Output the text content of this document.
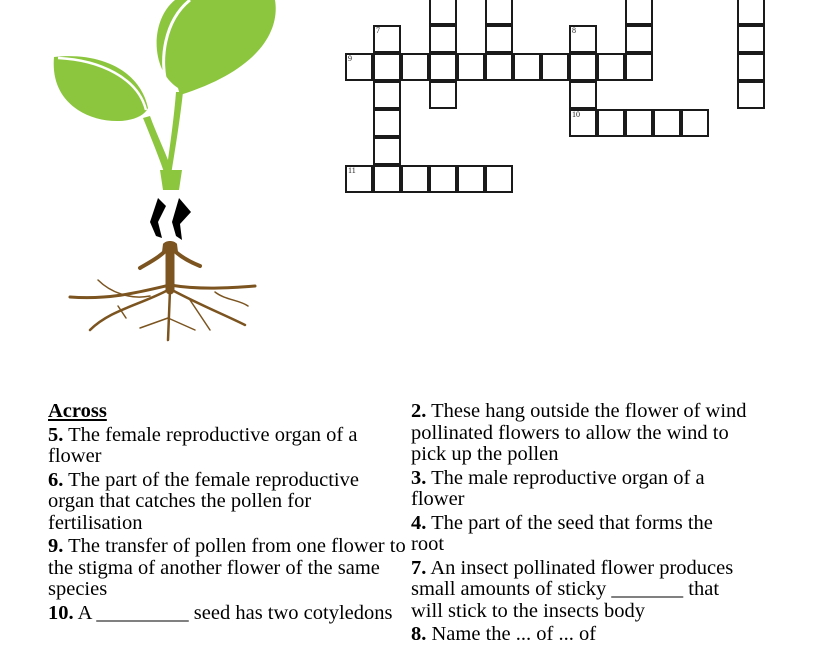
7	8
10
9
11
Across
5. The female reproductive organ of a flower
6. The part of the female reproductive organ that catches the pollen for fertilisation
9. The transfer of pollen from one flower to the stigma of another flower of the same species
10. A _________ seed has two cotyledons
2. These hang outside the flower of wind pollinated flowers to allow the wind to pick up the pollen
3. The male reproductive organ of a flower
4. The part of the seed that forms the root
7. An insect pollinated flower produces small amounts of sticky _______ that will stick to the insects body
8. Name the ... of ... of
